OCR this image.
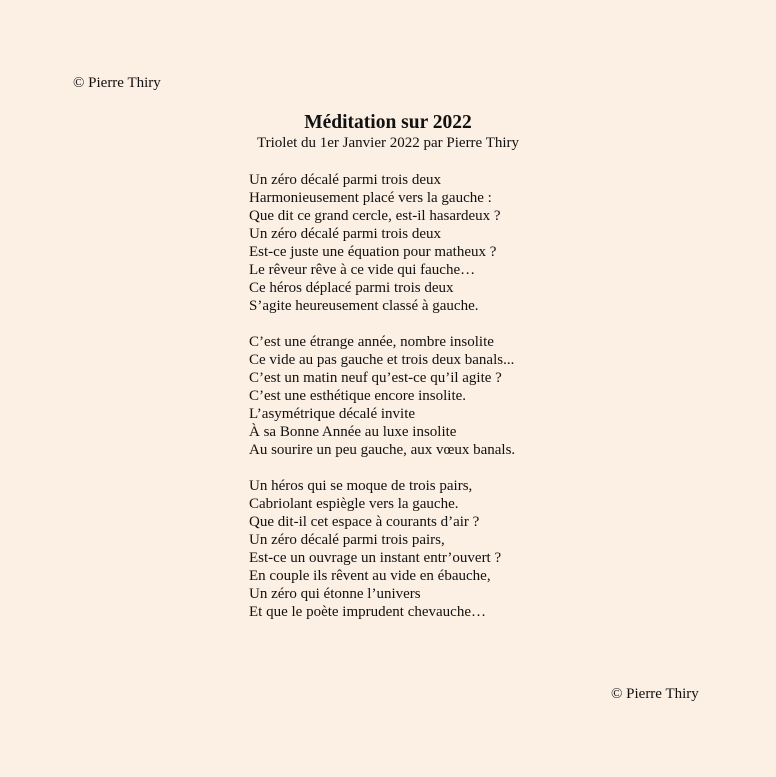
© Pierre Thiry
Méditation sur 2022
Triolet du 1er Janvier 2022 par Pierre Thiry
Un zéro décalé parmi trois deux
Harmonieusement placé vers la gauche :
Que dit ce grand cercle, est-il hasardeux ?
Un zéro décalé parmi trois deux
Est-ce juste une équation pour matheux ?
Le rêveur rêve à ce vide qui fauche…
Ce héros déplacé parmi trois deux
S’agite heureusement classé à gauche.
C’est une étrange année, nombre insolite
Ce vide au pas gauche et trois deux banals...
C’est un matin neuf qu’est-ce qu’il agite ?
C’est une esthétique encore insolite.
L’asymétrique décalé invite
À sa Bonne Année au luxe insolite
Au sourire un peu gauche, aux vœux banals.
Un héros qui se moque de trois pairs,
Cabriolant espiègle vers la gauche.
Que dit-il cet espace à courants d’air ?
Un zéro décalé parmi trois pairs,
Est-ce un ouvrage un instant entr’ouvert ?
En couple ils rêvent au vide en ébauche,
Un zéro qui étonne l’univers
Et que le poète imprudent chevauche…
© Pierre Thiry
